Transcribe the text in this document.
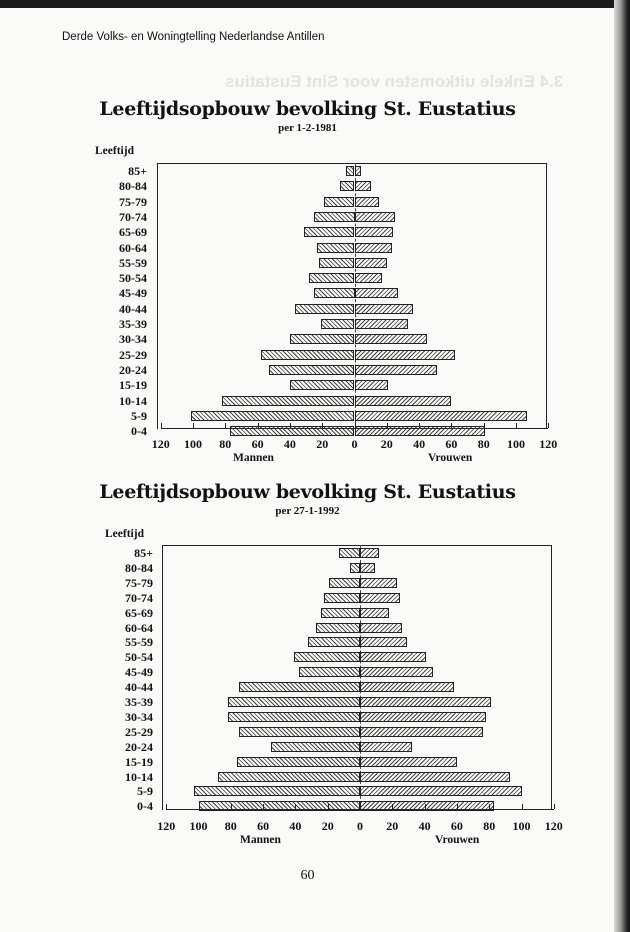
3.4 Enkele uitkomsten voor Sint Eustatius
Derde Volks- en Woningtelling Nederlandse Antillen
Leeftijdsopbouw bevolking St. Eustatius
per 1-2-1981
Leeftijd
85+
80-84
75-79
70-74
65-69
60-64
55-59
50-54
45-49
40-44
35-39
30-34
25-29
20-24
15-19
10-14
5-9
0-4
120	100	80	60	40	20	0	20	40	60	80	100	120
Mannen	Vrouwen
Leeftijdsopbouw bevolking St. Eustatius
per 27-1-1992
Leeftijd
85+
80-84
75-79
70-74
65-69
60-64
55-59
50-54
45-49
40-44
35-39
30-34
25-29
20-24
15-19
10-14
5-9
0-4
120	100	80	60	40	20	0	20	40	60	80	100	120
Mannen	Vrouwen
60
